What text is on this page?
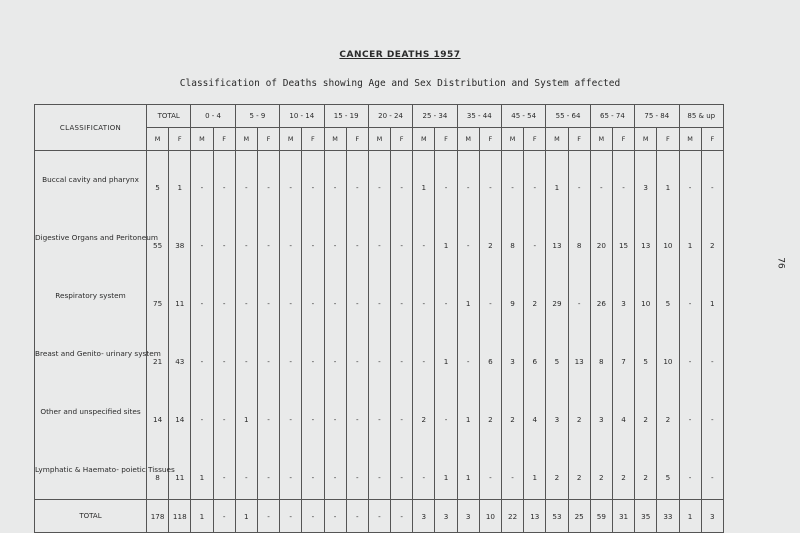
CANCER DEATHS 1957
Classification of Deaths showing Age and Sex Distribution and System affected
76
CLASSIFICATION	TOTAL		0 - 4		5 - 9		10 - 14		15 - 19		20 - 24		25 - 34		35 - 44		45 - 54		55 - 64		65 - 74		75 - 84		85 & up	
	M	F	M	F	M	F	M	F	M	F	M	F	M	F	M	F	M	F	M	F	M	F	M	F	M	F
Buccal cavity and pharynx	5	1	-	-	-	-	-	-	-	-	-	-	1	-	-	-	-	-	1	-	-	-	3	1	-	-
Digestive Organs and Peritoneum	55	38	-	-	-	-	-	-	-	-	-	-	-	1	-	2	8	-	13	8	20	15	13	10	1	2
Respiratory system	75	11	-	-	-	-	-	-	-	-	-	-	-	-	1	-	9	2	29	-	26	3	10	5	-	1
Breast and Genito- urinary system	21	43	-	-	-	-	-	-	-	-	-	-	-	1	-	6	3	6	5	13	8	7	5	10	-	-
Other and unspecified sites	14	14	-	-	1	-	-	-	-	-	-	-	2	-	1	2	2	4	3	2	3	4	2	2	-	-
Lymphatic & Haemato- poietic Tissues	8	11	1	-	-	-	-	-	-	-	-	-	-	1	1	-	-	1	2	2	2	2	2	5	-	-
TOTAL	178	118	1	-	1	-	-	-	-	-	-	-	3	3	3	10	22	13	53	25	59	31	35	33	1	3
